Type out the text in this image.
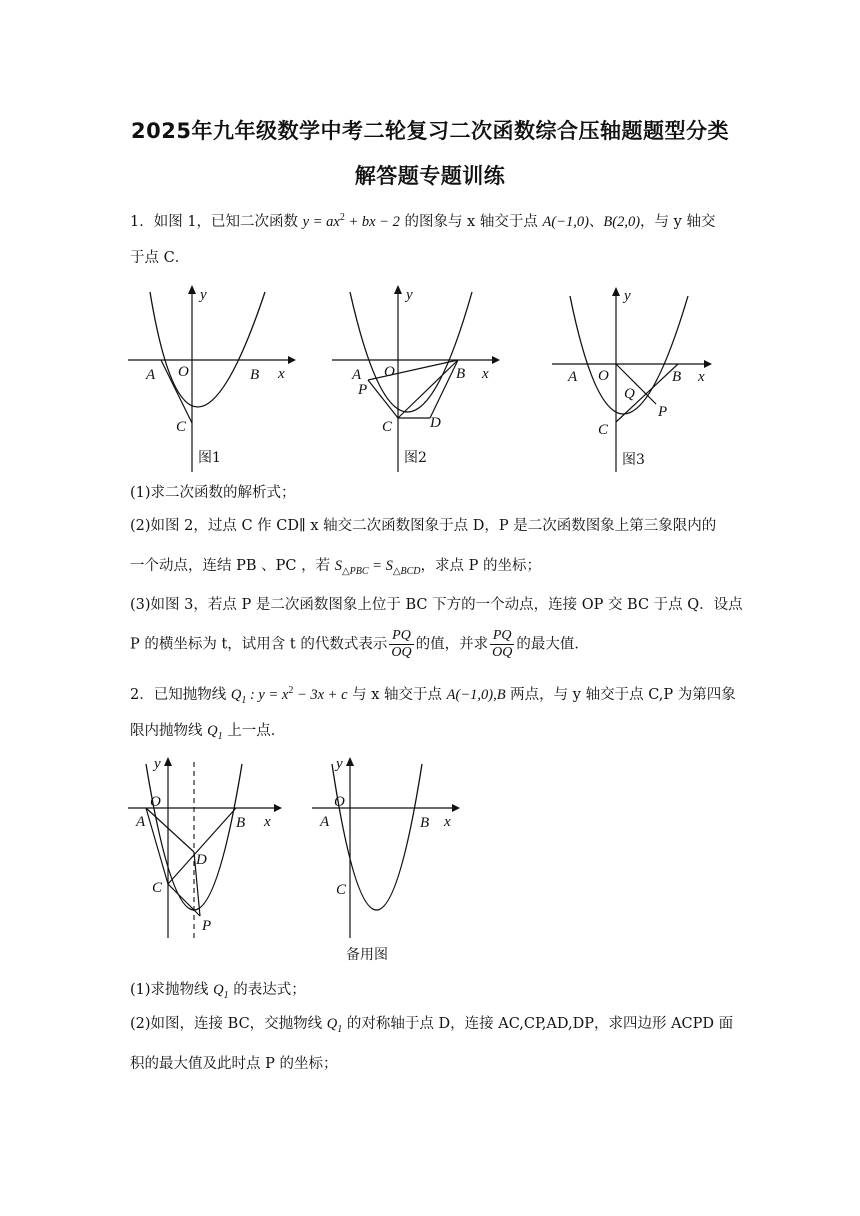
2025年九年级数学中考二轮复习二次函数综合压轴题题型分类
解答题专题训练
1．如图 1，已知二次函数 $y = ax^2$ + bx − 2 的图象与 x 轴交于点 A(−1,0)、B(2,0)，与 y 轴交
于点 C．
y
x
O
A	B
C
图1
y
x
O
A
P
B
C	D
图2
y
x
O
A	B
Q
P
C
图3
(1)求二次函数的解析式；
(2)如图 2，过点 C 作 CD∥ x 轴交二次函数图象于点 D，P 是二次函数图象上第三象限内的
一个动点，连结 PB 、PC ，若 $S_{\triangle PBC} = S_{\triangle BCD}$，求点 P 的坐标；
(3)如图 3，若点 P 是二次函数图象上位于 BC 下方的一个动点，连接 OP 交 BC 于点 Q．设点
P 的横坐标为 t，试用含 t 的代数式表示 $\frac{PQ}{OQ}$ 的值，并求 $\frac{PQ}{OQ}$ 的最大值．
2．已知抛物线 $Q_1$ : $y = x^2 - 3x + c$ 与 x 轴交于点 A(−1,0),B 两点，与 y 轴交于点 C,P 为第四象
限内抛物线 $Q_1$ 上一点．
y
x
O
A	B
D
C
P
y
x
O
A	B
C
备用图
(1)求抛物线 $Q_1$ 的表达式；
(2)如图，连接 BC，交抛物线 $Q_1$ 的对称轴于点 D，连接 AC,CP,AD,DP，求四边形 ACPD 面
积的最大值及此时点 P 的坐标；
